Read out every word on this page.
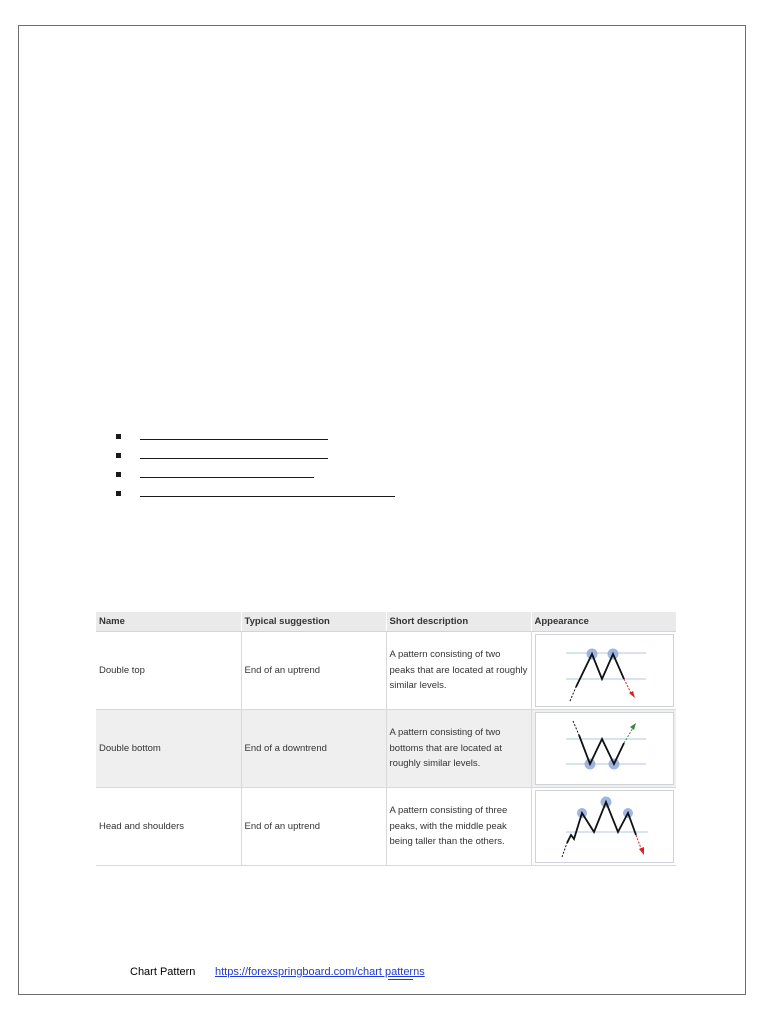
Name	Typical suggestion	Short description	Appearance
Double top	End of an uptrend	A pattern consisting of two peaks that are located at roughly similar levels.	

Double bottom	End of a downtrend	A pattern consisting of two bottoms that are located at roughly similar levels.	

Head and shoulders	End of an uptrend	A pattern consisting of three peaks, with the middle peak being taller than the others.	
Chart Pattern https://forexspringboard.com/chart patterns
